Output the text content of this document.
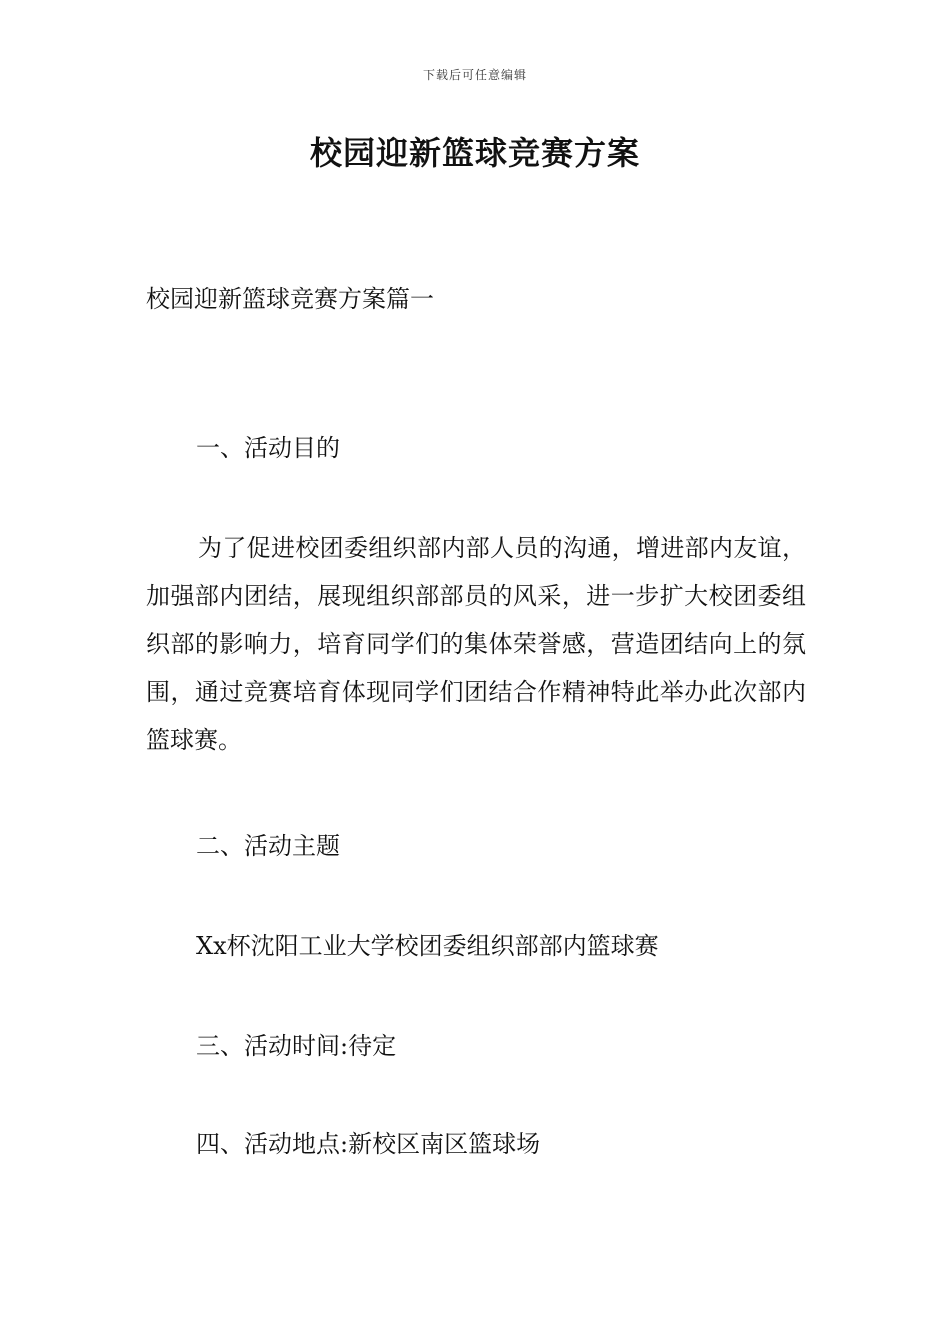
下载后可任意编辑
校园迎新篮球竞赛方案
校园迎新篮球竞赛方案篇一
一、活动目的
为了促进校团委组织部内部人员的沟通，增进部内友谊，加强部内团结，展现组织部部员的风采，进一步扩大校团委组织部的影响力，培育同学们的集体荣誉感，营造团结向上的氛围，通过竞赛培育体现同学们团结合作精神特此举办此次部内篮球赛。
二、活动主题
Xx杯沈阳工业大学校团委组织部部内篮球赛
三、活动时间:待定
四、活动地点:新校区南区篮球场
